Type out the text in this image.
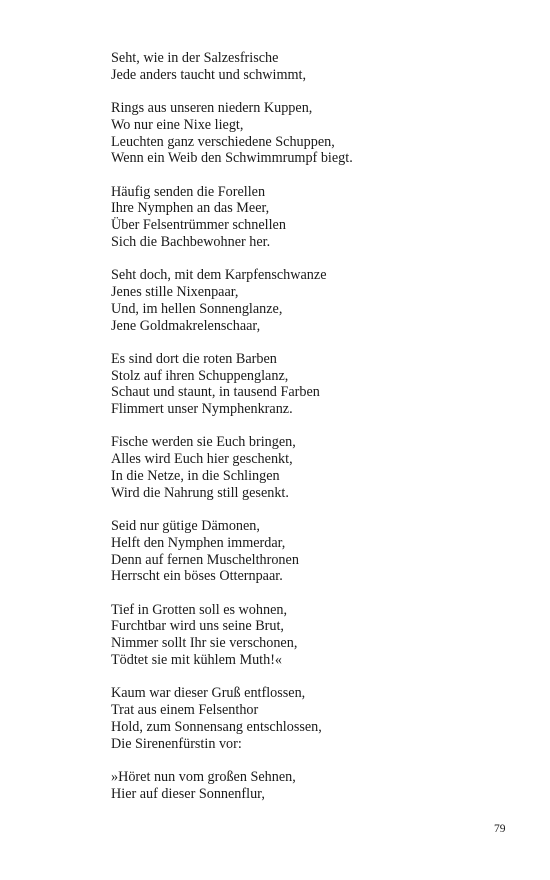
Seht, wie in der Salzesfrische
Jede anders taucht und schwimmt,
Rings aus unseren niedern Kuppen,
Wo nur eine Nixe liegt,
Leuchten ganz verschiedene Schuppen,
Wenn ein Weib den Schwimmrumpf biegt.
Häufig senden die Forellen
Ihre Nymphen an das Meer,
Über Felsentrümmer schnellen
Sich die Bachbewohner her.
Seht doch, mit dem Karpfenschwanze
Jenes stille Nixenpaar,
Und, im hellen Sonnenglanze,
Jene Goldmakrelenschaar,
Es sind dort die roten Barben
Stolz auf ihren Schuppenglanz,
Schaut und staunt, in tausend Farben
Flimmert unser Nymphenkranz.
Fische werden sie Euch bringen,
Alles wird Euch hier geschenkt,
In die Netze, in die Schlingen
Wird die Nahrung still gesenkt.
Seid nur gütige Dämonen,
Helft den Nymphen immerdar,
Denn auf fernen Muschelthronen
Herrscht ein böses Otternpaar.
Tief in Grotten soll es wohnen,
Furchtbar wird uns seine Brut,
Nimmer sollt Ihr sie verschonen,
Tödtet sie mit kühlem Muth!«
Kaum war dieser Gruß entflossen,
Trat aus einem Felsenthor
Hold, zum Sonnensang entschlossen,
Die Sirenenfürstin vor:
»Höret nun vom großen Sehnen,
Hier auf dieser Sonnenflur,
79
